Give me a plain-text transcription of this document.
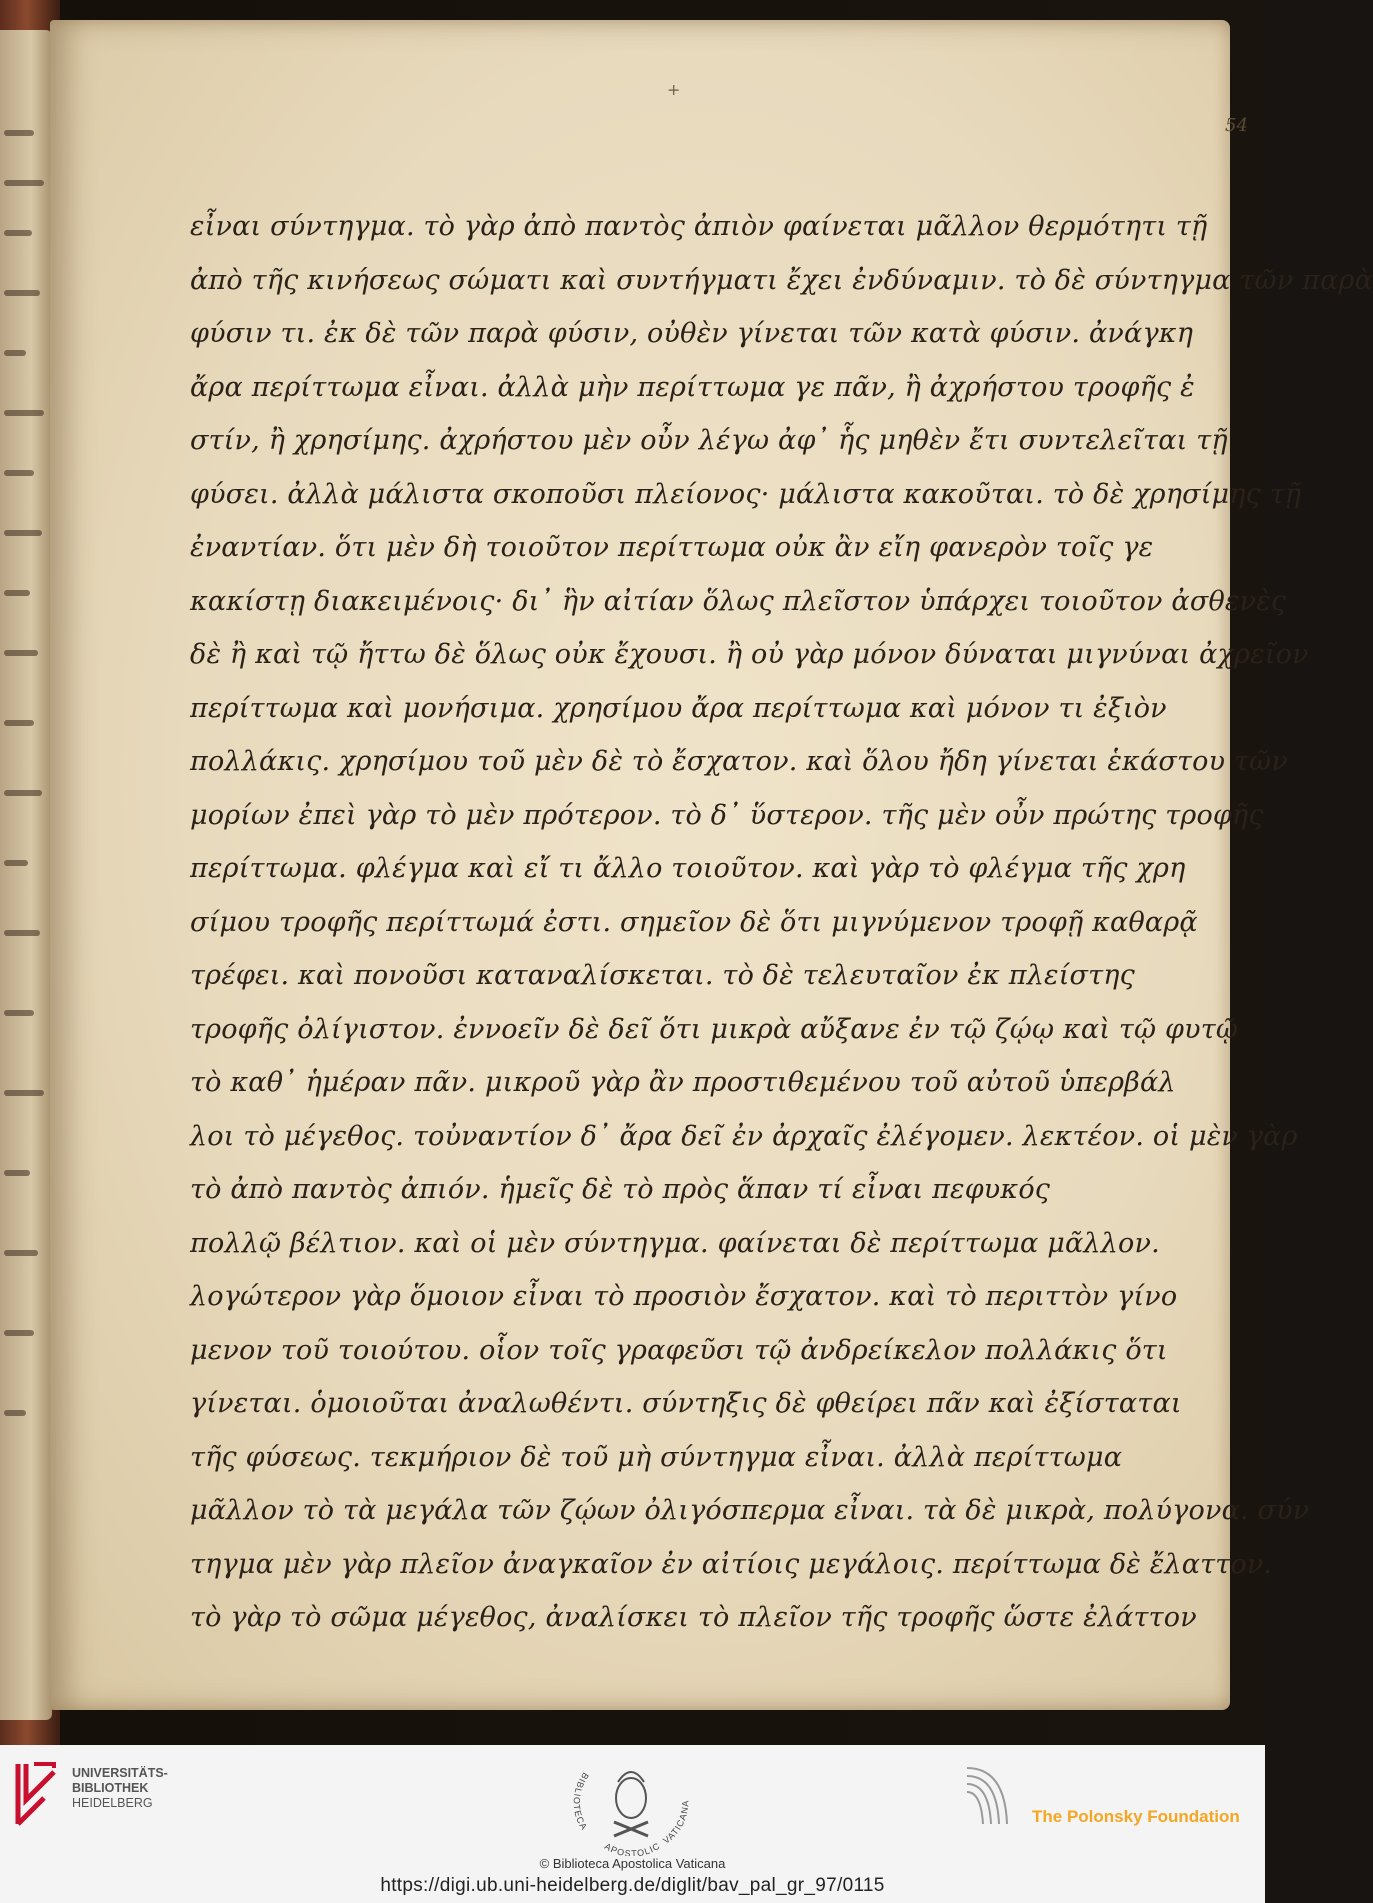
+
54
εἶναι σύντηγμα. τὸ γὰρ ἀπὸ παντὸς ἀπιὸν φαίνεται μᾶλλον θερμότητι τῇ
ἀπὸ τῆς κινήσεως σώματι καὶ συντήγματι ἔχει ἐνδύναμιν. τὸ δὲ σύντηγμα τῶν παρὰ
φύσιν τι. ἐκ δὲ τῶν παρὰ φύσιν, οὐθὲν γίνεται τῶν κατὰ φύσιν. ἀνάγκη
ἄρα περίττωμα εἶναι. ἀλλὰ μὴν περίττωμα γε πᾶν, ἢ ἀχρήστου τροφῆς ἐ
στίν, ἢ χρησίμης. ἀχρήστου μὲν οὖν λέγω ἀφ᾽ ἧς μηθὲν ἔτι συντελεῖται τῇ
φύσει. ἀλλὰ μάλιστα σκοποῦσι πλείονος· μάλιστα κακοῦται. τὸ δὲ χρησίμης τῇ
ἐναντίαν. ὅτι μὲν δὴ τοιοῦτον περίττωμα οὐκ ἂν εἴη φανερὸν τοῖς γε
κακίστῃ διακειμένοις· δι᾽ ἣν αἰτίαν ὅλως πλεῖστον ὑπάρχει τοιοῦτον ἀσθενὲς
δὲ ἢ καὶ τῷ ἤττω δὲ ὅλως οὐκ ἔχουσι. ἢ οὐ γὰρ μόνον δύναται μιγνύναι ἀχρεῖον
περίττωμα καὶ μονήσιμα. χρησίμου ἄρα περίττωμα καὶ μόνον τι ἐξιὸν
πολλάκις. χρησίμου τοῦ μὲν δὲ τὸ ἔσχατον. καὶ ὅλου ἤδη γίνεται ἑκάστου τῶν
μορίων ἐπεὶ γὰρ τὸ μὲν πρότερον. τὸ δ᾽ ὕστερον. τῆς μὲν οὖν πρώτης τροφῆς
περίττωμα. φλέγμα καὶ εἴ τι ἄλλο τοιοῦτον. καὶ γὰρ τὸ φλέγμα τῆς χρη
σίμου τροφῆς περίττωμά ἐστι. σημεῖον δὲ ὅτι μιγνύμενον τροφῇ καθαρᾷ
τρέφει. καὶ πονοῦσι καταναλίσκεται. τὸ δὲ τελευταῖον ἐκ πλείστης
τροφῆς ὀλίγιστον. ἐννοεῖν δὲ δεῖ ὅτι μικρὰ αὔξανε ἐν τῷ ζῴῳ καὶ τῷ φυτῷ
τὸ καθ᾽ ἡμέραν πᾶν. μικροῦ γὰρ ἂν προστιθεμένου τοῦ αὐτοῦ ὑπερβάλ
λοι τὸ μέγεθος. τοὐναντίον δ᾽ ἄρα δεῖ ἐν ἀρχαῖς ἐλέγομεν. λεκτέον. οἱ μὲν γὰρ
τὸ ἀπὸ παντὸς ἀπιόν. ἡμεῖς δὲ τὸ πρὸς ἅπαν τί εἶναι πεφυκός
πολλῷ βέλτιον. καὶ οἱ μὲν σύντηγμα. φαίνεται δὲ περίττωμα μᾶλλον.
λογώτερον γὰρ ὅμοιον εἶναι τὸ προσιὸν ἔσχατον. καὶ τὸ περιττὸν γίνο
μενον τοῦ τοιούτου. οἷον τοῖς γραφεῦσι τῷ ἀνδρείκελον πολλάκις ὅτι
γίνεται. ὁμοιοῦται ἀναλωθέντι. σύντηξις δὲ φθείρει πᾶν καὶ ἐξίσταται
τῆς φύσεως. τεκμήριον δὲ τοῦ μὴ σύντηγμα εἶναι. ἀλλὰ περίττωμα
μᾶλλον τὸ τὰ μεγάλα τῶν ζῴων ὀλιγόσπερμα εἶναι. τὰ δὲ μικρὰ, πολύγονα. σύν
τηγμα μὲν γὰρ πλεῖον ἀναγκαῖον ἐν αἰτίοις μεγάλοις. περίττωμα δὲ ἔλαττον.
τὸ γὰρ τὸ σῶμα μέγεθος, ἀναλίσκει τὸ πλεῖον τῆς τροφῆς ὥστε ἐλάττον
UNIVERSITÄTS-
BIBLIOTHEK
HEIDELBERG
BIBLIOTECA
APOSTOLIC
VATICANA
© Biblioteca Apostolica Vaticana
https://digi.ub.uni-heidelberg.de/diglit/bav_pal_gr_97/0115
The Polonsky Foundation
